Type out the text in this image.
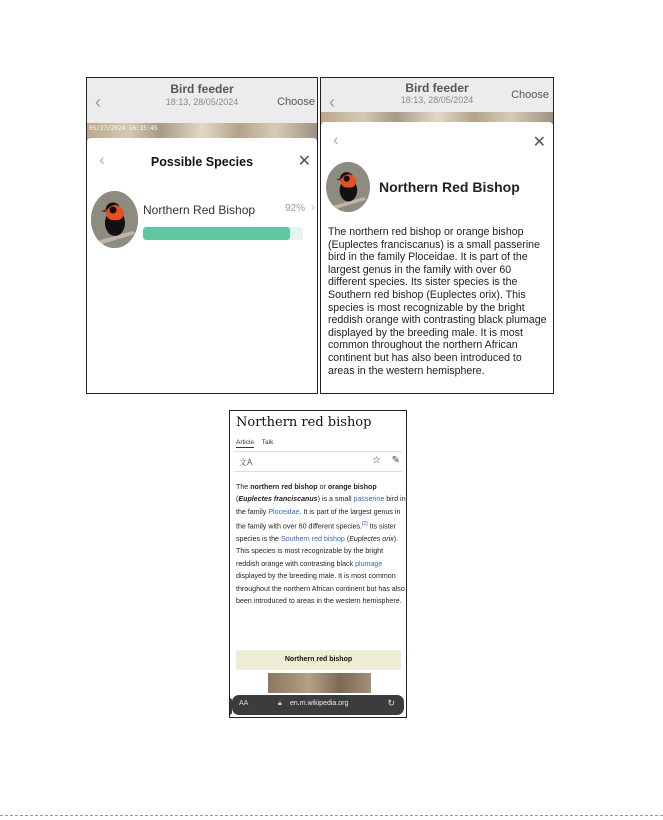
‹
Bird feeder
18:13, 28/05/2024	Choose
05/27/2024 16:15:45
‹	Possible Species	✕
Northern Red Bishop	92% ›
‹
Bird feeder
18:13, 28/05/2024	Choose
‹	✕
Northern Red Bishop
The northern red bishop or orange bishop (Euplectes franciscanus) is a small passerine bird in the family Ploceidae. It is part of the largest genus in the family with over 60 different species. Its sister species is the Southern red bishop (Euplectes orix). This species is most recognizable by the bright reddish orange with contrasting black plumage displayed by the breeding male. It is most common throughout the northern African continent but has also been introduced to areas in the western hemisphere.
Northern red bishop
Article Talk
文A	☆ ✎
The northern red bishop or orange bishop (Euplectes franciscanus) is a small passerine bird in the family Ploceidae. It is part of the largest genus in the family with over 60 different species.[2] Its sister species is the Southern red bishop (Euplectes orix). This species is most recognizable by the bright reddish orange with contrasting black plumage displayed by the breeding male. It is most common throughout the northern African continent but has also been introduced to areas in the western hemisphere.
Northern red bishop
AA	🔒︎ en.m.wikipedia.org	↻
